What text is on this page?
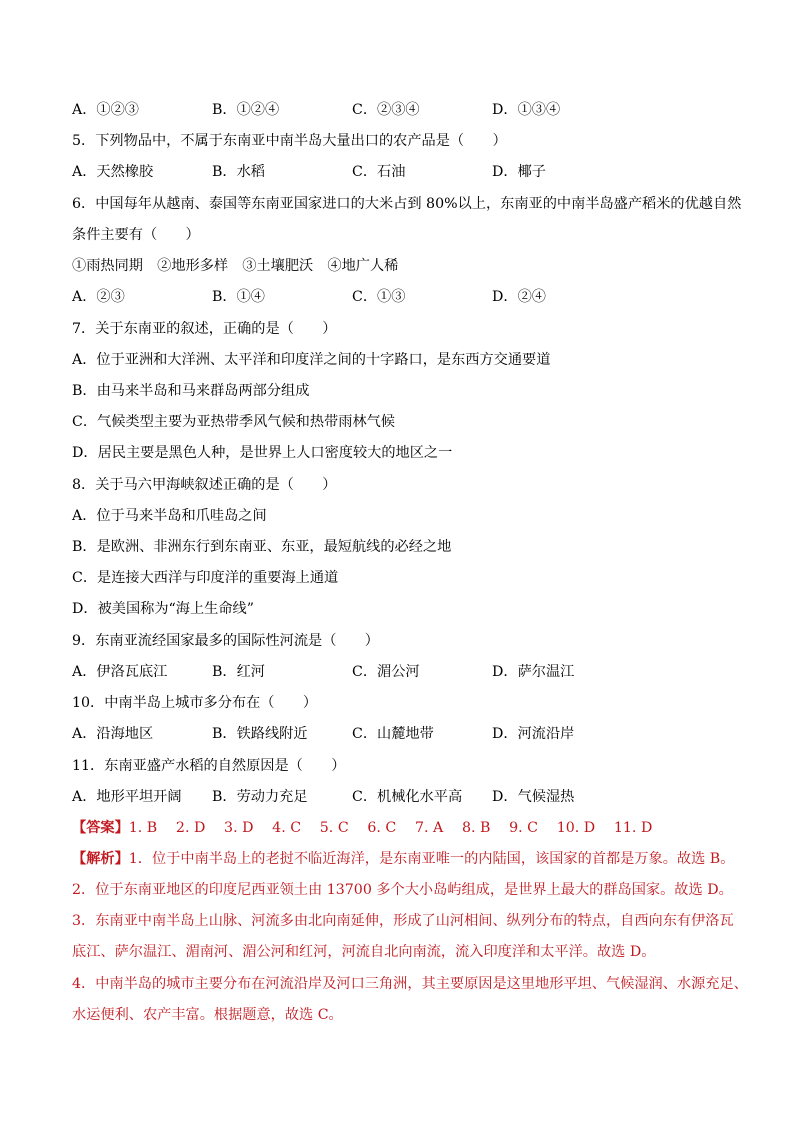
A．①②③	B．①②④	C．②③④	D．①③④
5．下列物品中，不属于东南亚中南半岛大量出口的农产品是（　　）
A．天然橡胶	B．水稻	C．石油	D．椰子
6．中国每年从越南、泰国等东南亚国家进口的大米占到 80%以上，东南亚的中南半岛盛产稻米的优越自然
条件主要有（　　）
①雨热同期　②地形多样　③土壤肥沃　④地广人稀
A．②③	B．①④	C．①③	D．②④
7．关于东南亚的叙述，正确的是（　　）
A．位于亚洲和大洋洲、太平洋和印度洋之间的十字路口，是东西方交通要道
B．由马来半岛和马来群岛两部分组成
C．气候类型主要为亚热带季风气候和热带雨林气候
D．居民主要是黑色人种，是世界上人口密度较大的地区之一
8．关于马六甲海峡叙述正确的是（　　）
A．位于马来半岛和爪哇岛之间
B．是欧洲、非洲东行到东南亚、东亚，最短航线的必经之地
C．是连接大西洋与印度洋的重要海上通道
D．被美国称为“海上生命线”
9．东南亚流经国家最多的国际性河流是（　　）
A．伊洛瓦底江	B．红河	C．湄公河	D．萨尔温江
10．中南半岛上城市多分布在（　　）
A．沿海地区	B．铁路线附近	C．山麓地带	D．河流沿岸
11．东南亚盛产水稻的自然原因是（　　）
A．地形平坦开阔 B．劳动力充足	C．机械化水平高 D．气候湿热
【答案】1. B　 2. D　 3. D　 4. C　 5. C　 6. C　 7. A　 8. B　 9. C　 10. D　 11. D
【解析】1．位于中南半岛上的老挝不临近海洋，是东南亚唯一的内陆国，该国家的首都是万象。故选 B。
2．位于东南亚地区的印度尼西亚领土由 13700 多个大小岛屿组成，是世界上最大的群岛国家。故选 D。
3．东南亚中南半岛上山脉、河流多由北向南延伸，形成了山河相间、纵列分布的特点，自西向东有伊洛瓦
底江、萨尔温江、湄南河、湄公河和红河，河流自北向南流，流入印度洋和太平洋。故选 D。
4．中南半岛的城市主要分布在河流沿岸及河口三角洲，其主要原因是这里地形平坦、气候湿润、水源充足、
水运便利、农产丰富。根据题意，故选 C。
